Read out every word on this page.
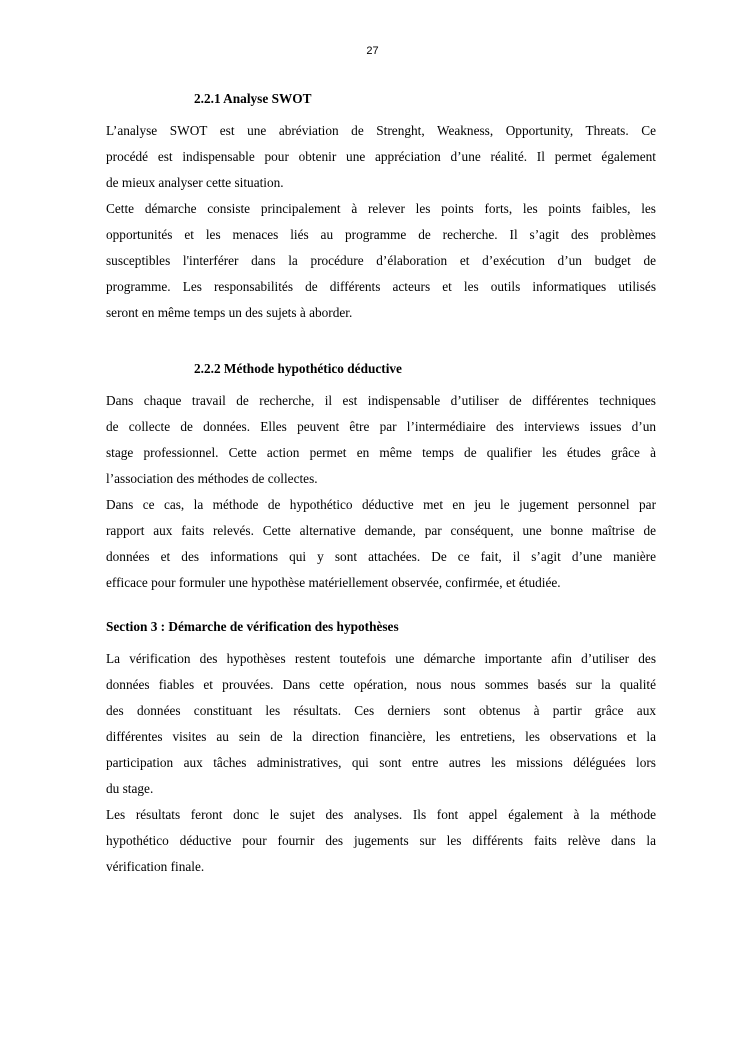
27
2.2.1 Analyse SWOT
L’analyse SWOT est une abréviation de Strenght, Weakness, Opportunity, Threats. Ce
procédé est indispensable pour obtenir une appréciation d’une réalité. Il permet également
de mieux analyser cette situation.
Cette démarche consiste principalement à relever les points forts, les points faibles, les
opportunités et les menaces liés au programme de recherche. Il s’agit des problèmes
susceptibles l'interférer dans la procédure d’élaboration et d’exécution d’un budget de
programme. Les responsabilités de différents acteurs et les outils informatiques utilisés
seront en même temps un des sujets à aborder.
2.2.2 Méthode hypothético déductive
Dans chaque travail de recherche, il est indispensable d’utiliser de différentes techniques
de collecte de données. Elles peuvent être par l’intermédiaire des interviews issues d’un
stage professionnel. Cette action permet en même temps de qualifier les études grâce à
l’association des méthodes de collectes.
Dans ce cas, la méthode de hypothético déductive met en jeu le jugement personnel par
rapport aux faits relevés. Cette alternative demande, par conséquent, une bonne maîtrise de
données et des informations qui y sont attachées. De ce fait, il s’agit d’une manière
efficace pour formuler une hypothèse matériellement observée, confirmée, et étudiée.
Section 3 : Démarche de vérification des hypothèses
La vérification des hypothèses restent toutefois une démarche importante afin d’utiliser des
données fiables et prouvées. Dans cette opération, nous nous sommes basés sur la qualité
des données constituant les résultats. Ces derniers sont obtenus à partir grâce aux
différentes visites au sein de la direction financière, les entretiens, les observations et la
participation aux tâches administratives, qui sont entre autres les missions déléguées lors
du stage.
Les résultats feront donc le sujet des analyses. Ils font appel également à la méthode
hypothético déductive pour fournir des jugements sur les différents faits relève dans la
vérification finale.
